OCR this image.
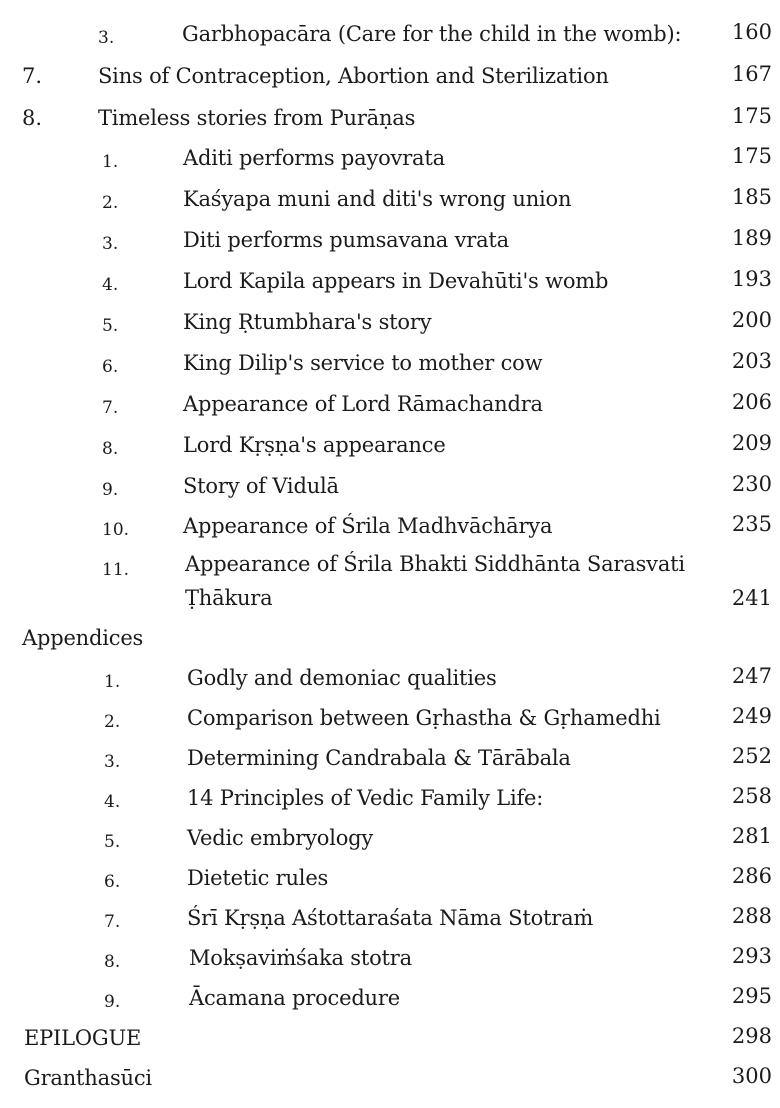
3.	Garbhopacāra (Care for the child in the womb): 160
7.	Sins of Contraception, Abortion and Sterilization	167
8.	Timeless stories from Purāṇas	175
1.	Aditi performs payovrata	175
2.	Kaśyapa muni and diti's wrong union	185
3.	Diti performs pumsavana vrata	189
4.	Lord Kapila appears in Devahūti's womb	193
5.	King Ṛtumbhara's story	200
6.	King Dilip's service to mother cow	203
7.	Appearance of Lord Rāmachandra	206
8.	Lord Kṛṣṇa's appearance	209
9.	Story of Vidulā	230
10.	Appearance of Śrila Madhvāchārya	235
11.	Appearance of Śrila Bhakti Siddhānta Sarasvati
Ṭhākura	241
Appendices
1.	Godly and demoniac qualities	247
2.	Comparison between Gṛhastha & Gṛhamedhi	249
3.	Determining Candrabala & Tārābala	252
4.	14 Principles of Vedic Family Life:	258
5.	Vedic embryology	281
6.	Dietetic rules	286
7.	Śrī Kṛṣṇa Aśtottaraśata Nāma Stotraṁ	288
8.	Mokṣaviṁśaka stotra	293
9.	Ācamana procedure	295
EPILOGUE	298
Granthasūci	300
